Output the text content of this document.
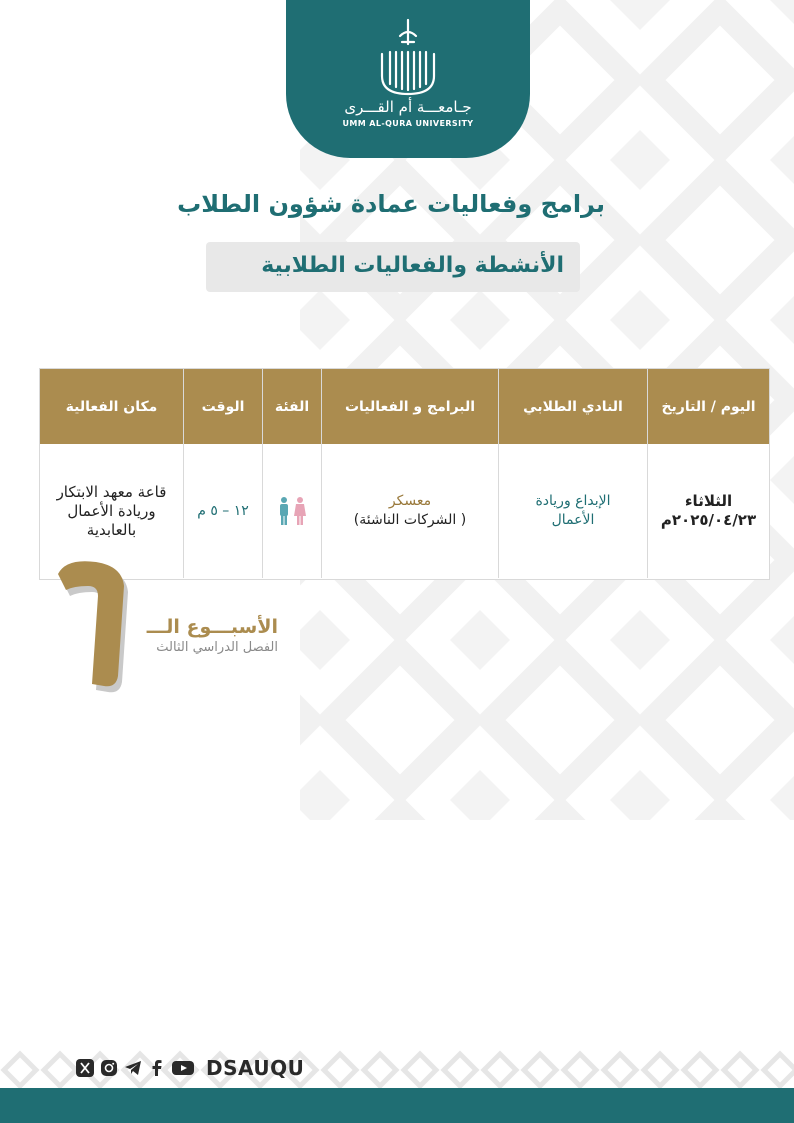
جـامعـــة أم القـــرى
UMM AL-QURA UNIVERSITY
برامج وفعاليات عمادة شؤون الطلاب
الأنشطة والفعاليات الطلابية
اليوم / التاريخ
النادي الطلابي
البرامج و الفعاليات
الفئة
الوقت
مكان الفعالية
الثلاثاء
٢٠٢٥/٠٤/٢٣م
الإبداع وريادة الأعمال
معسكر
( الشركات الناشئة)
١٢ – ٥ م
قاعة معهد الابتكار وريادة الأعمال بالعابدية
٦
الأسبـــوع الـــ
الفصل الدراسي الثالث
DSAUQU
